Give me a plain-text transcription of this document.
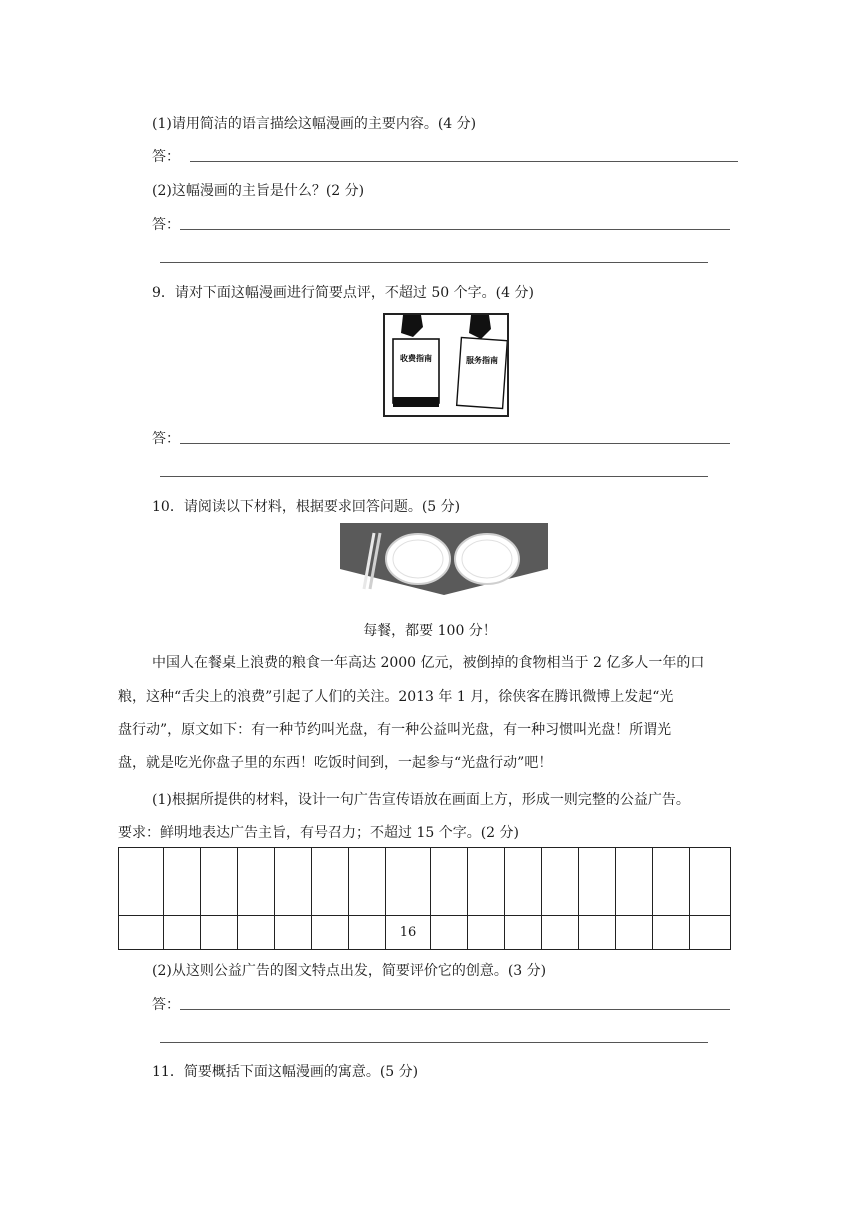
(1)请用简洁的语言描绘这幅漫画的主要内容。(4 分)
答：
(2)这幅漫画的主旨是什么？(2 分)
答：
9．请对下面这幅漫画进行简要点评，不超过 50 个字。(4 分)
收费指南	服务指南
答：
10．请阅读以下材料，根据要求回答问题。(5 分)
每餐，都要 100 分！
中国人在餐桌上浪费的粮食一年高达 2000 亿元，被倒掉的食物相当于 2 亿多人一年的口
粮，这种“舌尖上的浪费”引起了人们的关注。2013 年 1 月，徐侠客在腾讯微博上发起“光
盘行动”，原文如下：有一种节约叫光盘，有一种公益叫光盘，有一种习惯叫光盘！所谓光
盘，就是吃光你盘子里的东西！吃饭时间到，一起参与“光盘行动”吧！
(1)根据所提供的材料，设计一句广告宣传语放在画面上方，形成一则完整的公益广告。
要求：鲜明地表达广告主旨，有号召力；不超过 15 个字。(2 分)

							16								
(2)从这则公益广告的图文特点出发，简要评价它的创意。(3 分)
答：
11．简要概括下面这幅漫画的寓意。(5 分)
